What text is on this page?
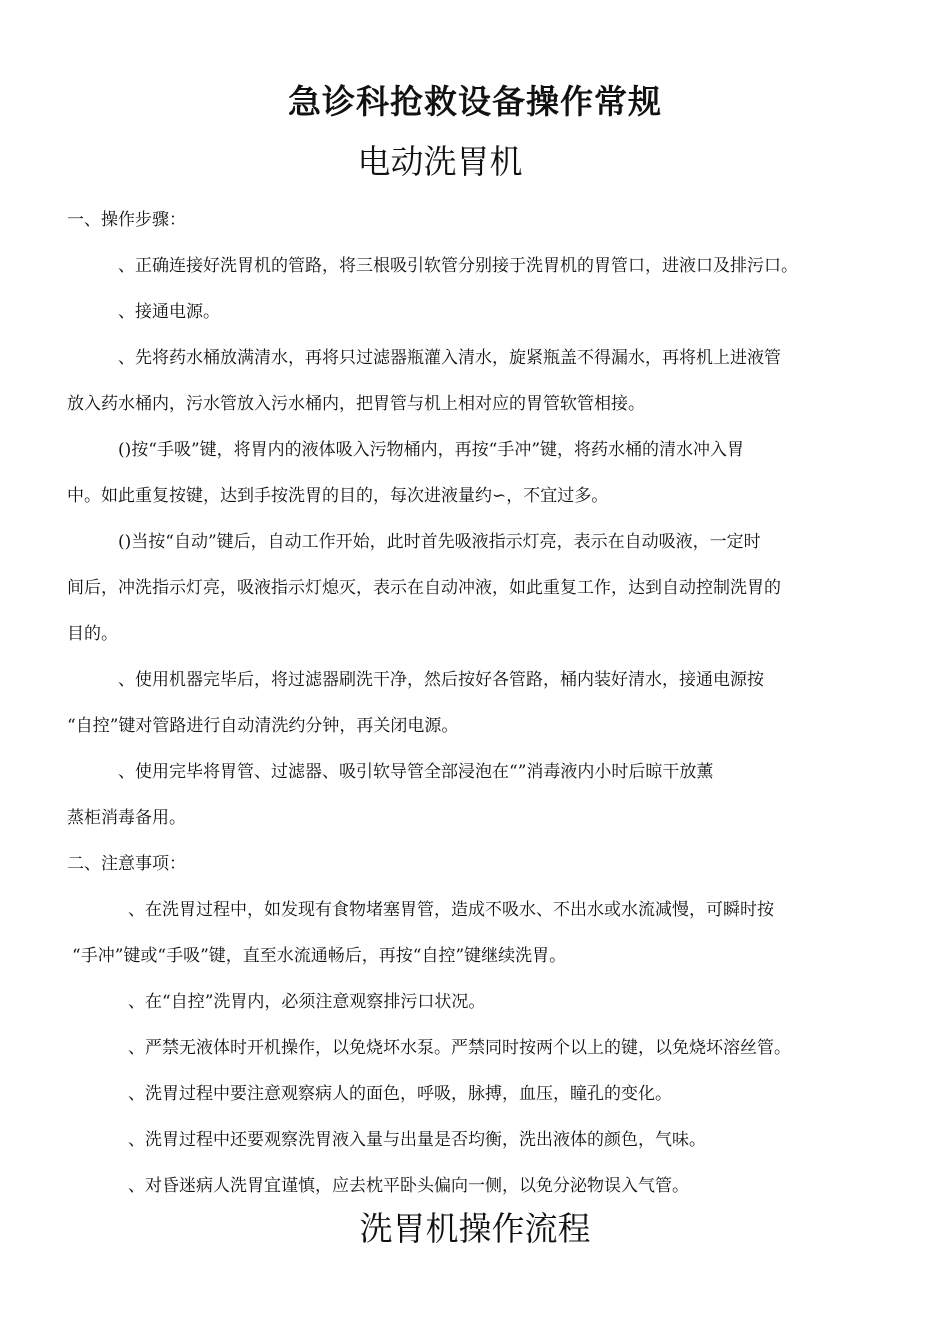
急诊科抢救设备操作常规
电动洗胃机
一、操作步骤：
、正确连接好洗胃机的管路，将三根吸引软管分别接于洗胃机的胃管口，进液口及排污口。
、接通电源。
、先将药水桶放满清水，再将只过滤器瓶灌入清水，旋紧瓶盖不得漏水，再将机上进液管
放入药水桶内，污水管放入污水桶内，把胃管与机上相对应的胃管软管相接。
()按“手吸”键，将胃内的液体吸入污物桶内，再按“手冲”键，将药水桶的清水冲入胃
中。如此重复按键，达到手按洗胃的目的，每次进液量约∽，不宜过多。
()当按“自动”键后，自动工作开始，此时首先吸液指示灯亮，表示在自动吸液，一定时
间后，冲洗指示灯亮，吸液指示灯熄灭，表示在自动冲液，如此重复工作，达到自动控制洗胃的
目的。
、使用机器完毕后，将过滤器刷洗干净，然后按好各管路，桶内装好清水，接通电源按
“自控”键对管路进行自动清洗约分钟，再关闭电源。
、使用完毕将胃管、过滤器、吸引软导管全部浸泡在“”消毒液内小时后晾干放薰
蒸柜消毒备用。
二、注意事项：
、在洗胃过程中，如发现有食物堵塞胃管，造成不吸水、不出水或水流减慢，可瞬时按
“手冲”键或“手吸”键，直至水流通畅后，再按“自控”键继续洗胃。
、在“自控”洗胃内，必须注意观察排污口状况。
、严禁无液体时开机操作，以免烧坏水泵。严禁同时按两个以上的键，以免烧坏溶丝管。
、洗胃过程中要注意观察病人的面色，呼吸，脉搏，血压，瞳孔的变化。
、洗胃过程中还要观察洗胃液入量与出量是否均衡，洗出液体的颜色，气味。
、对昏迷病人洗胃宜谨慎，应去枕平卧头偏向一侧，以免分泌物误入气管。
洗胃机操作流程
